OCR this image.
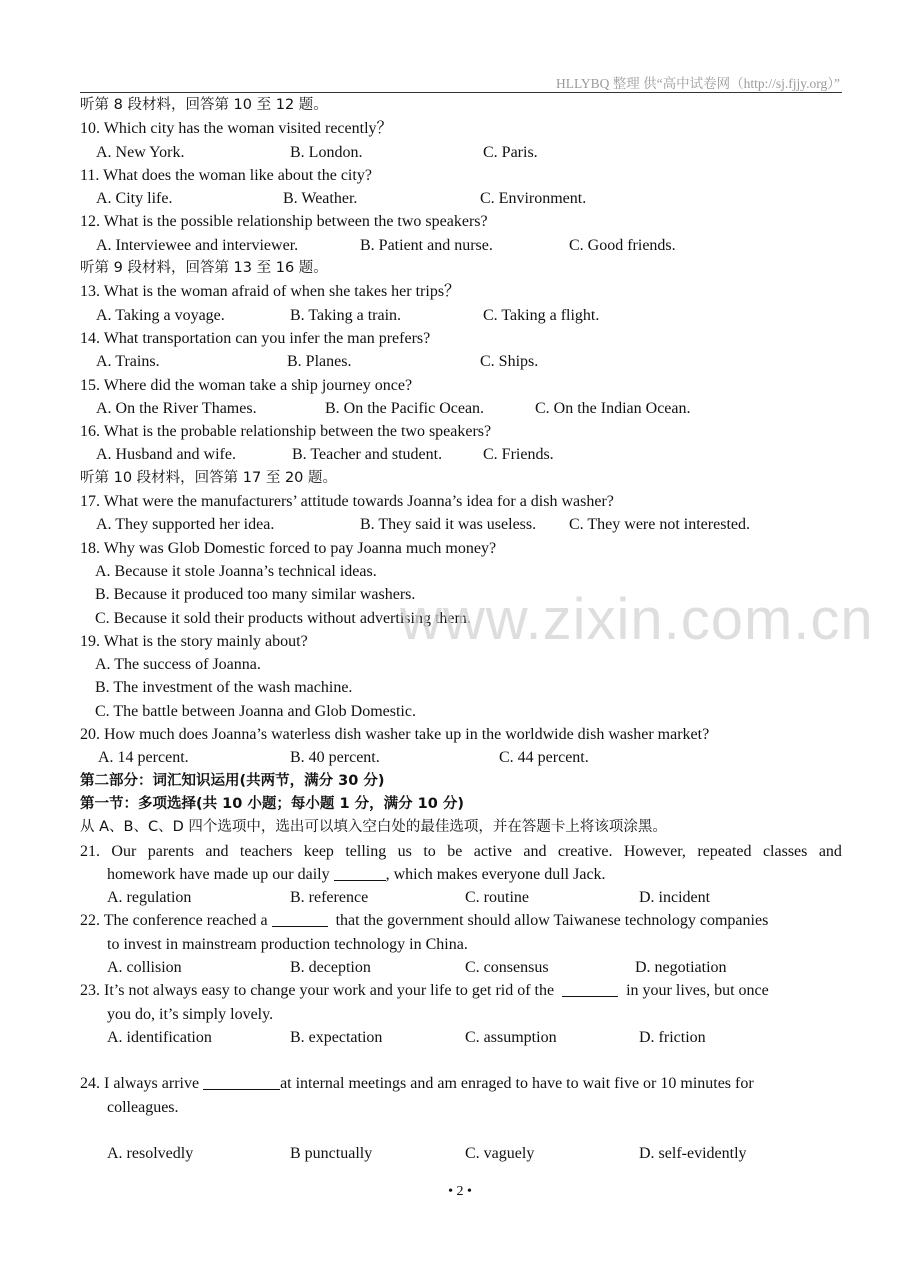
HLLYBQ 整理 供“高中试卷网（http://sj.fjjy.org）”
听第 8 段材料，回答第 10 至 12 题。
10. Which city has the woman visited recently？
A. New York.	B. London.	C. Paris.
11. What does the woman like about the city?
A. City life.	B. Weather.	C. Environment.
12. What is the possible relationship between the two speakers?
A. Interviewee and interviewer.	B. Patient and nurse.	C. Good friends.
听第 9 段材料，回答第 13 至 16 题。
13. What is the woman afraid of when she takes her trips？
A. Taking a voyage.	B. Taking a train.	C. Taking a flight.
14. What transportation can you infer the man prefers?
A. Trains.	B. Planes.	C. Ships.
15. Where did the woman take a ship journey once?
A. On the River Thames.	B. On the Pacific Ocean.	C. On the Indian Ocean.
16. What is the probable relationship between the two speakers?
A. Husband and wife.	B. Teacher and student.	C. Friends.
听第 10 段材料，回答第 17 至 20 题。
17. What were the manufacturers’ attitude towards Joanna’s idea for a dish washer?
A. They supported her idea.	B. They said it was useless. C. They were not interested.
18. Why was Glob Domestic forced to pay Joanna much money?
A. Because it stole Joanna’s technical ideas.
B. Because it produced too many similar washers.
C. Because it sold their products without advertising them.
19. What is the story mainly about?
A. The success of Joanna.
B. The investment of the wash machine.
C. The battle between Joanna and Glob Domestic.
20. How much does Joanna’s waterless dish washer take up in the worldwide dish washer market?
A. 14 percent.	B. 40 percent.	C. 44 percent.
第二部分：词汇知识运用(共两节，满分 30 分)
第一节：多项选择(共 10 小题；每小题 1 分，满分 10 分)
从 A、B、C、D 四个选项中，选出可以填入空白处的最佳选项，并在答题卡上将该项涂黑。
21. Our parents and teachers keep telling us to be active and creative. However, repeated classes and
homework have made up our daily	, which makes everyone dull Jack.
A. regulation	B. reference	C. routine	D. incident
22. The conference reached a	that the government should allow Taiwanese technology companies
to invest in mainstream production technology in China.
A. collision	B. deception	C. consensus	D. negotiation
23. It’s not always easy to change your work and your life to get rid of the	in your lives, but once
you do, it’s simply lovely.
A. identification	B. expectation	C. assumption	D. friction
24. I always arrive	at internal meetings and am enraged to have to wait five or 10 minutes for
colleagues.
A. resolvedly	B punctually	C. vaguely	D. self-evidently
www.zixin.com.cn
• 2 •
